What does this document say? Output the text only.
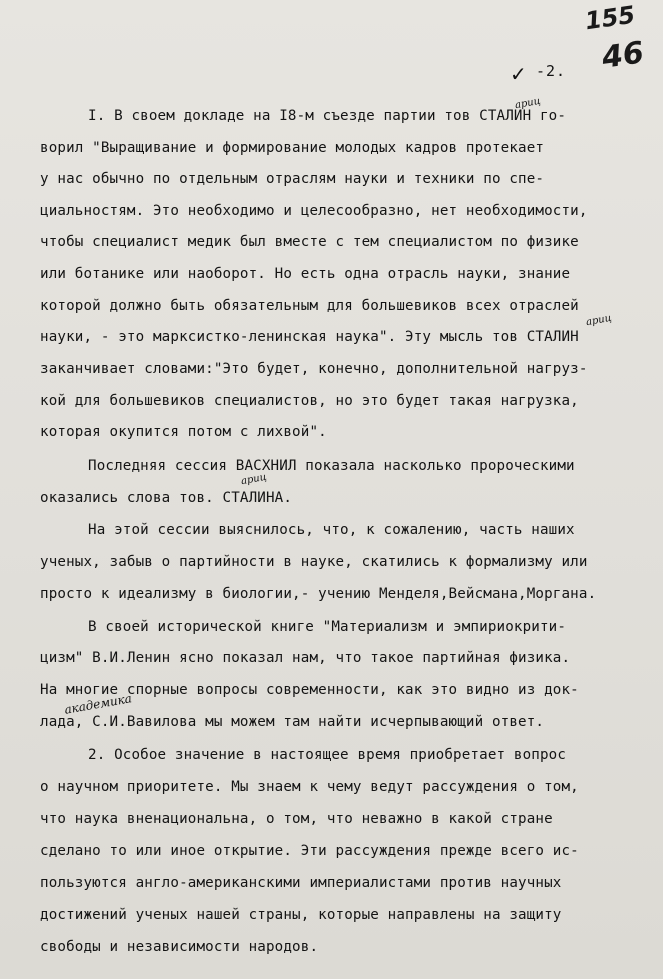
155
46
✓ -2.
ариц
ариц
ариц
академика
I. В своем докладе на I8-м съезде партии тов СТАЛИН го-
ворил "Выращивание и формирование молодых кадров протекает
у нас обычно по отдельным отраслям науки и техники по спе-
циальностям. Это необходимо и целесообразно, нет необходимости,
чтобы специалист медик был вместе с тем специалистом по физике
или ботанике или наоборот. Но есть одна отрасль науки, знание
которой должно быть обязательным для большевиков всех отраслей
науки, - это марксистко-ленинская наука". Эту мысль тов СТАЛИН
заканчивает словами:"Это будет, конечно, дополнительной нагруз-
кой для большевиков специалистов, но это будет такая нагрузка,
которая окупится потом с лихвой".
Последняя сессия ВАСХНИЛ показала насколько пророческими
оказались слова тов. СТАЛИНА.
На этой сессии выяснилось, что, к сожалению, часть наших
ученых, забыв о партийности в науке, скатились к формализму или
просто к идеализму в биологии,- учению Менделя,Вейсмана,Моргана.
В своей исторической книге "Материализм и эмпириокрити-
цизм" В.И.Ленин ясно показал нам, что такое партийная физика.
На многие спорные вопросы современности, как это видно из док-
лада, С.И.Вавилова мы можем там найти исчерпывающий ответ.
2. Особое значение в настоящее время приобретает вопрос
о научном приоритете. Мы знаем к чему ведут рассуждения о том,
что наука вненациональна, о том, что неважно в какой стране
сделано то или иное открытие. Эти рассуждения прежде всего ис-
пользуются англо-американскими империалистами против научных
достижений ученых нашей страны, которые направлены на защиту
свободы и независимости народов.
